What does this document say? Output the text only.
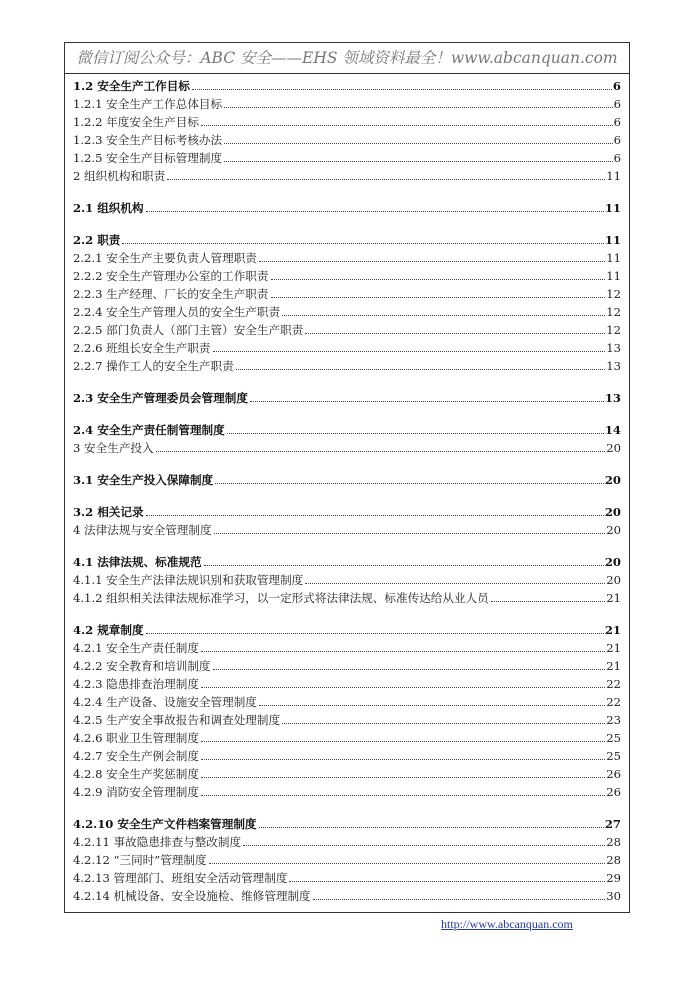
微信订阅公众号：ABC 安全——EHS 领域资料最全！www.abcanquan.com
1.2 安全生产工作目标	6
1.2.1 安全生产工作总体目标	6
1.2.2 年度安全生产目标	6
1.2.3 安全生产目标考核办法	6
1.2.5 安全生产目标管理制度	6
2 组织机构和职责	11
2.1 组织机构	11
2.2 职责	11
2.2.1 安全生产主要负责人管理职责	11
2.2.2 安全生产管理办公室的工作职责	11
2.2.3 生产经理、厂长的安全生产职责	12
2.2.4 安全生产管理人员的安全生产职责	12
2.2.5 部门负责人（部门主管）安全生产职责	12
2.2.6 班组长安全生产职责	13
2.2.7 操作工人的安全生产职责	13
2.3 安全生产管理委员会管理制度	13
2.4 安全生产责任制管理制度	14
3 安全生产投入	20
3.1 安全生产投入保障制度	20
3.2 相关记录	20
4 法律法规与安全管理制度	20
4.1 法律法规、标准规范	20
4.1.1 安全生产法律法规识别和获取管理制度	20
4.1.2 组织相关法律法规标准学习，以一定形式将法律法规、标准传达给从业人员	21
4.2 规章制度	21
4.2.1 安全生产责任制度	21
4.2.2 安全教育和培训制度	21
4.2.3 隐患排查治理制度	22
4.2.4 生产设备、设施安全管理制度	22
4.2.5 生产安全事故报告和调查处理制度	23
4.2.6 职业卫生管理制度	25
4.2.7 安全生产例会制度	25
4.2.8 安全生产奖惩制度	26
4.2.9 消防安全管理制度	26
4.2.10 安全生产文件档案管理制度	27
4.2.11 事故隐患排查与整改制度	28
4.2.12 “三同时”管理制度	28
4.2.13 管理部门、班组安全活动管理制度	29
4.2.14 机械设备、安全设施检、维修管理制度	30
http://www.abcanquan.com
